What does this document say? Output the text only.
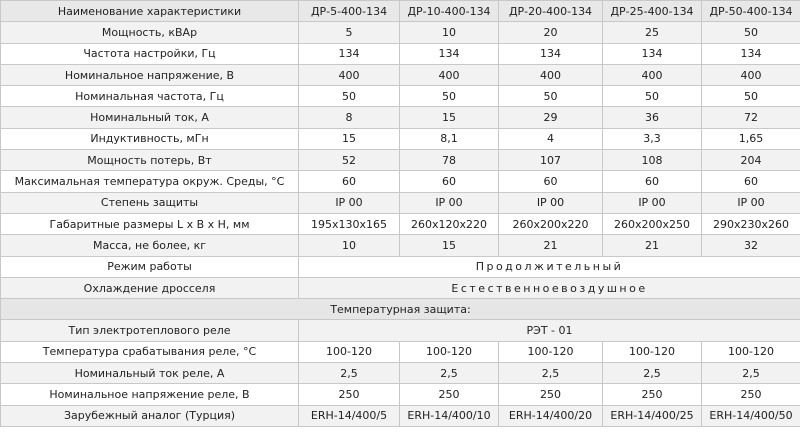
Наименование характеристики	ДР-5-400-134	ДР-10-400-134	ДР-20-400-134	ДР-25-400-134	ДР-50-400-134
Мощность, кВАр	5	10	20	25	50
Частота настройки, Гц	134	134	134	134	134
Номинальное напряжение, В	400	400	400	400	400
Номинальная частота, Гц	50	50	50	50	50
Номинальный ток, А	8	15	29	36	72
Индуктивность, мГн	15	8,1	4	3,3	1,65
Мощность потерь, Вт	52	78	107	108	204
Максимальная температура окруж. Среды, °С	60	60	60	60	60
Степень защиты	IP 00	IP 00	IP 00	IP 00	IP 00
Габаритные размеры L x B x H, мм	195х130х165	260х120х220	260х200х220	260х200х250	290х230х260
Масса, не более, кг	10	15	21	21	32
Режим работы	Продолжительный				
Охлаждение дросселя	Естественноевоздушное				
Температурная защита:					
Тип электротеплового реле	РЭТ - 01				
Температура срабатывания реле, °С	100-120	100-120	100-120	100-120	100-120
Номинальный ток реле, А	2,5	2,5	2,5	2,5	2,5
Номинальное напряжение реле, В	250	250	250	250	250
Зарубежный аналог (Турция)	ERH-14/400/5	ERH-14/400/10	ERH-14/400/20	ERH-14/400/25	ERH-14/400/50
